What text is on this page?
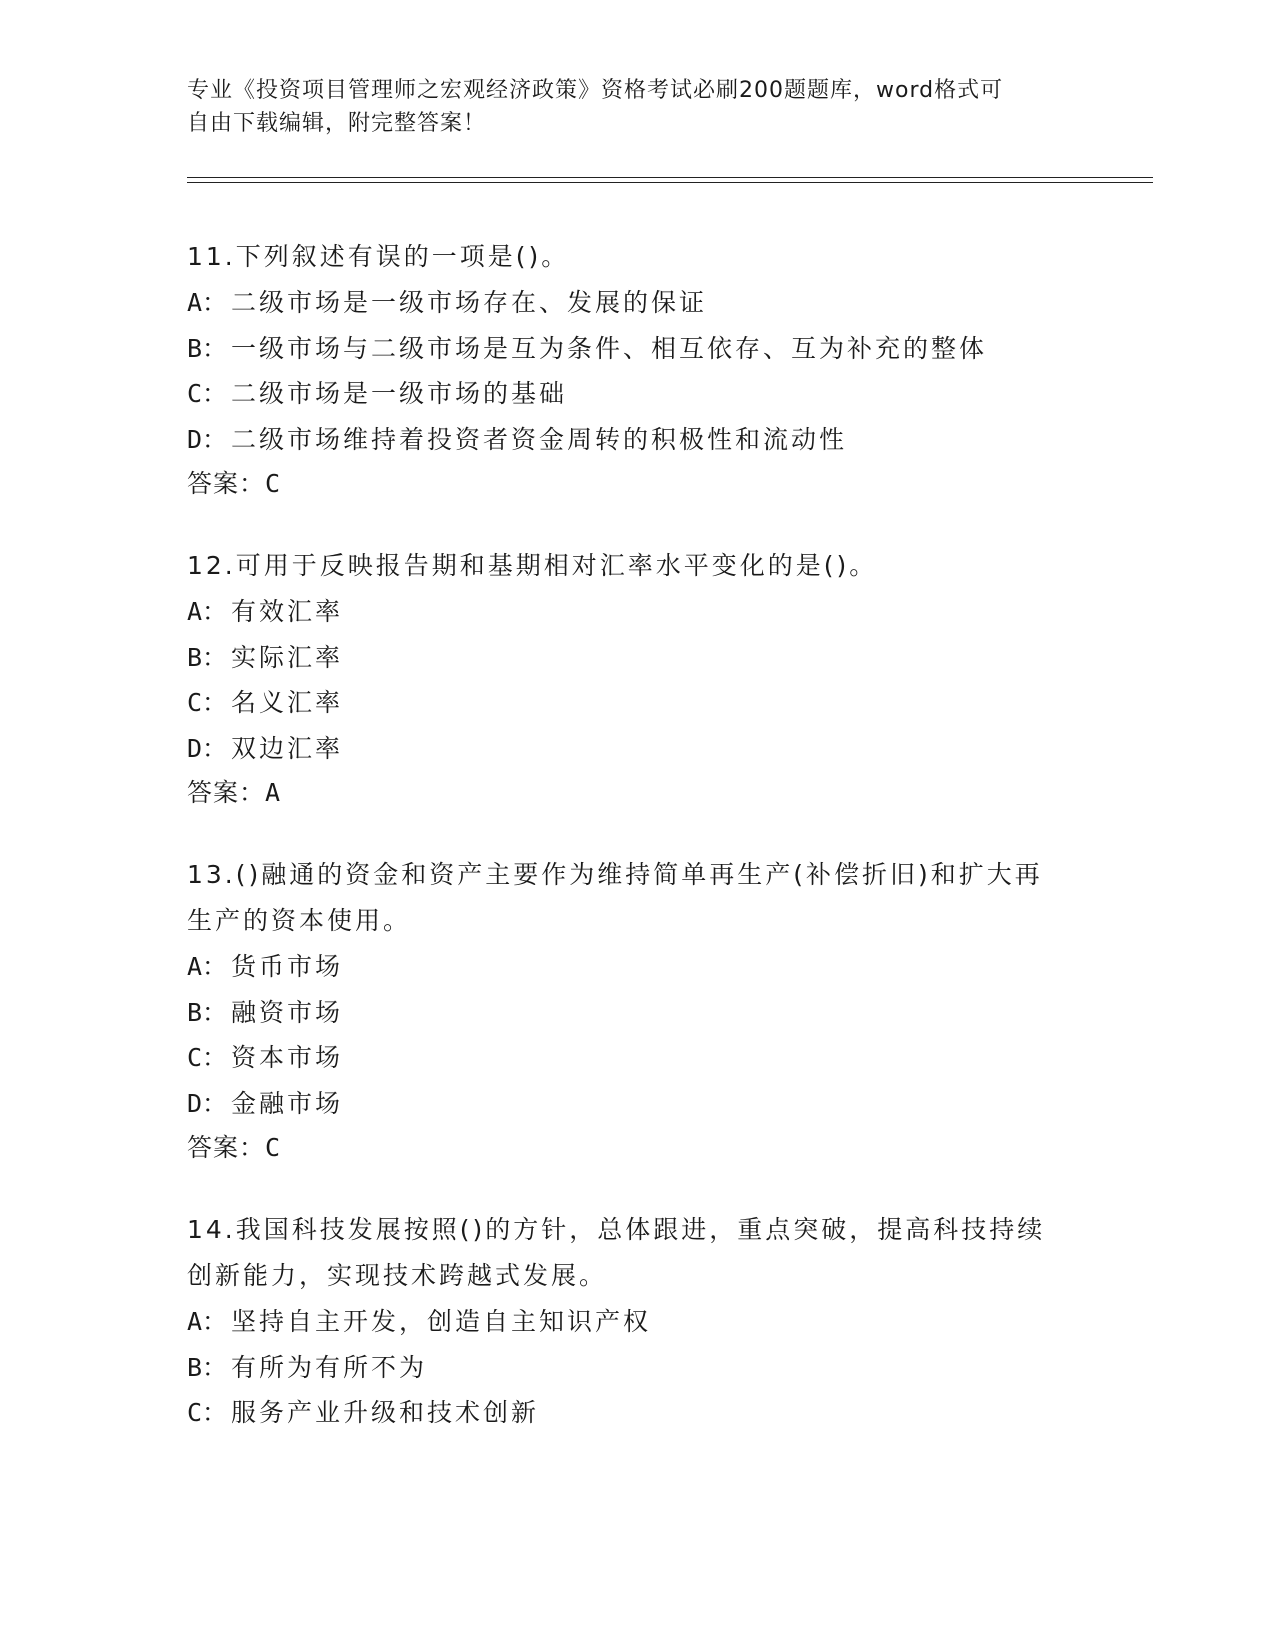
专业《投资项目管理师之宏观经济政策》资格考试必刷200题题库，word格式可
自由下载编辑，附完整答案！
11.下列叙述有误的一项是()。
A： 二级市场是一级市场存在、发展的保证
B： 一级市场与二级市场是互为条件、相互依存、互为补充的整体
C： 二级市场是一级市场的基础
D： 二级市场维持着投资者资金周转的积极性和流动性
答案：C
12.可用于反映报告期和基期相对汇率水平变化的是()。
A： 有效汇率
B： 实际汇率
C： 名义汇率
D： 双边汇率
答案：A
13.()融通的资金和资产主要作为维持简单再生产(补偿折旧)和扩大再
生产的资本使用。
A： 货币市场
B： 融资市场
C： 资本市场
D： 金融市场
答案：C
14.我国科技发展按照()的方针，总体跟进，重点突破，提高科技持续
创新能力，实现技术跨越式发展。
A： 坚持自主开发，创造自主知识产权
B： 有所为有所不为
C： 服务产业升级和技术创新
